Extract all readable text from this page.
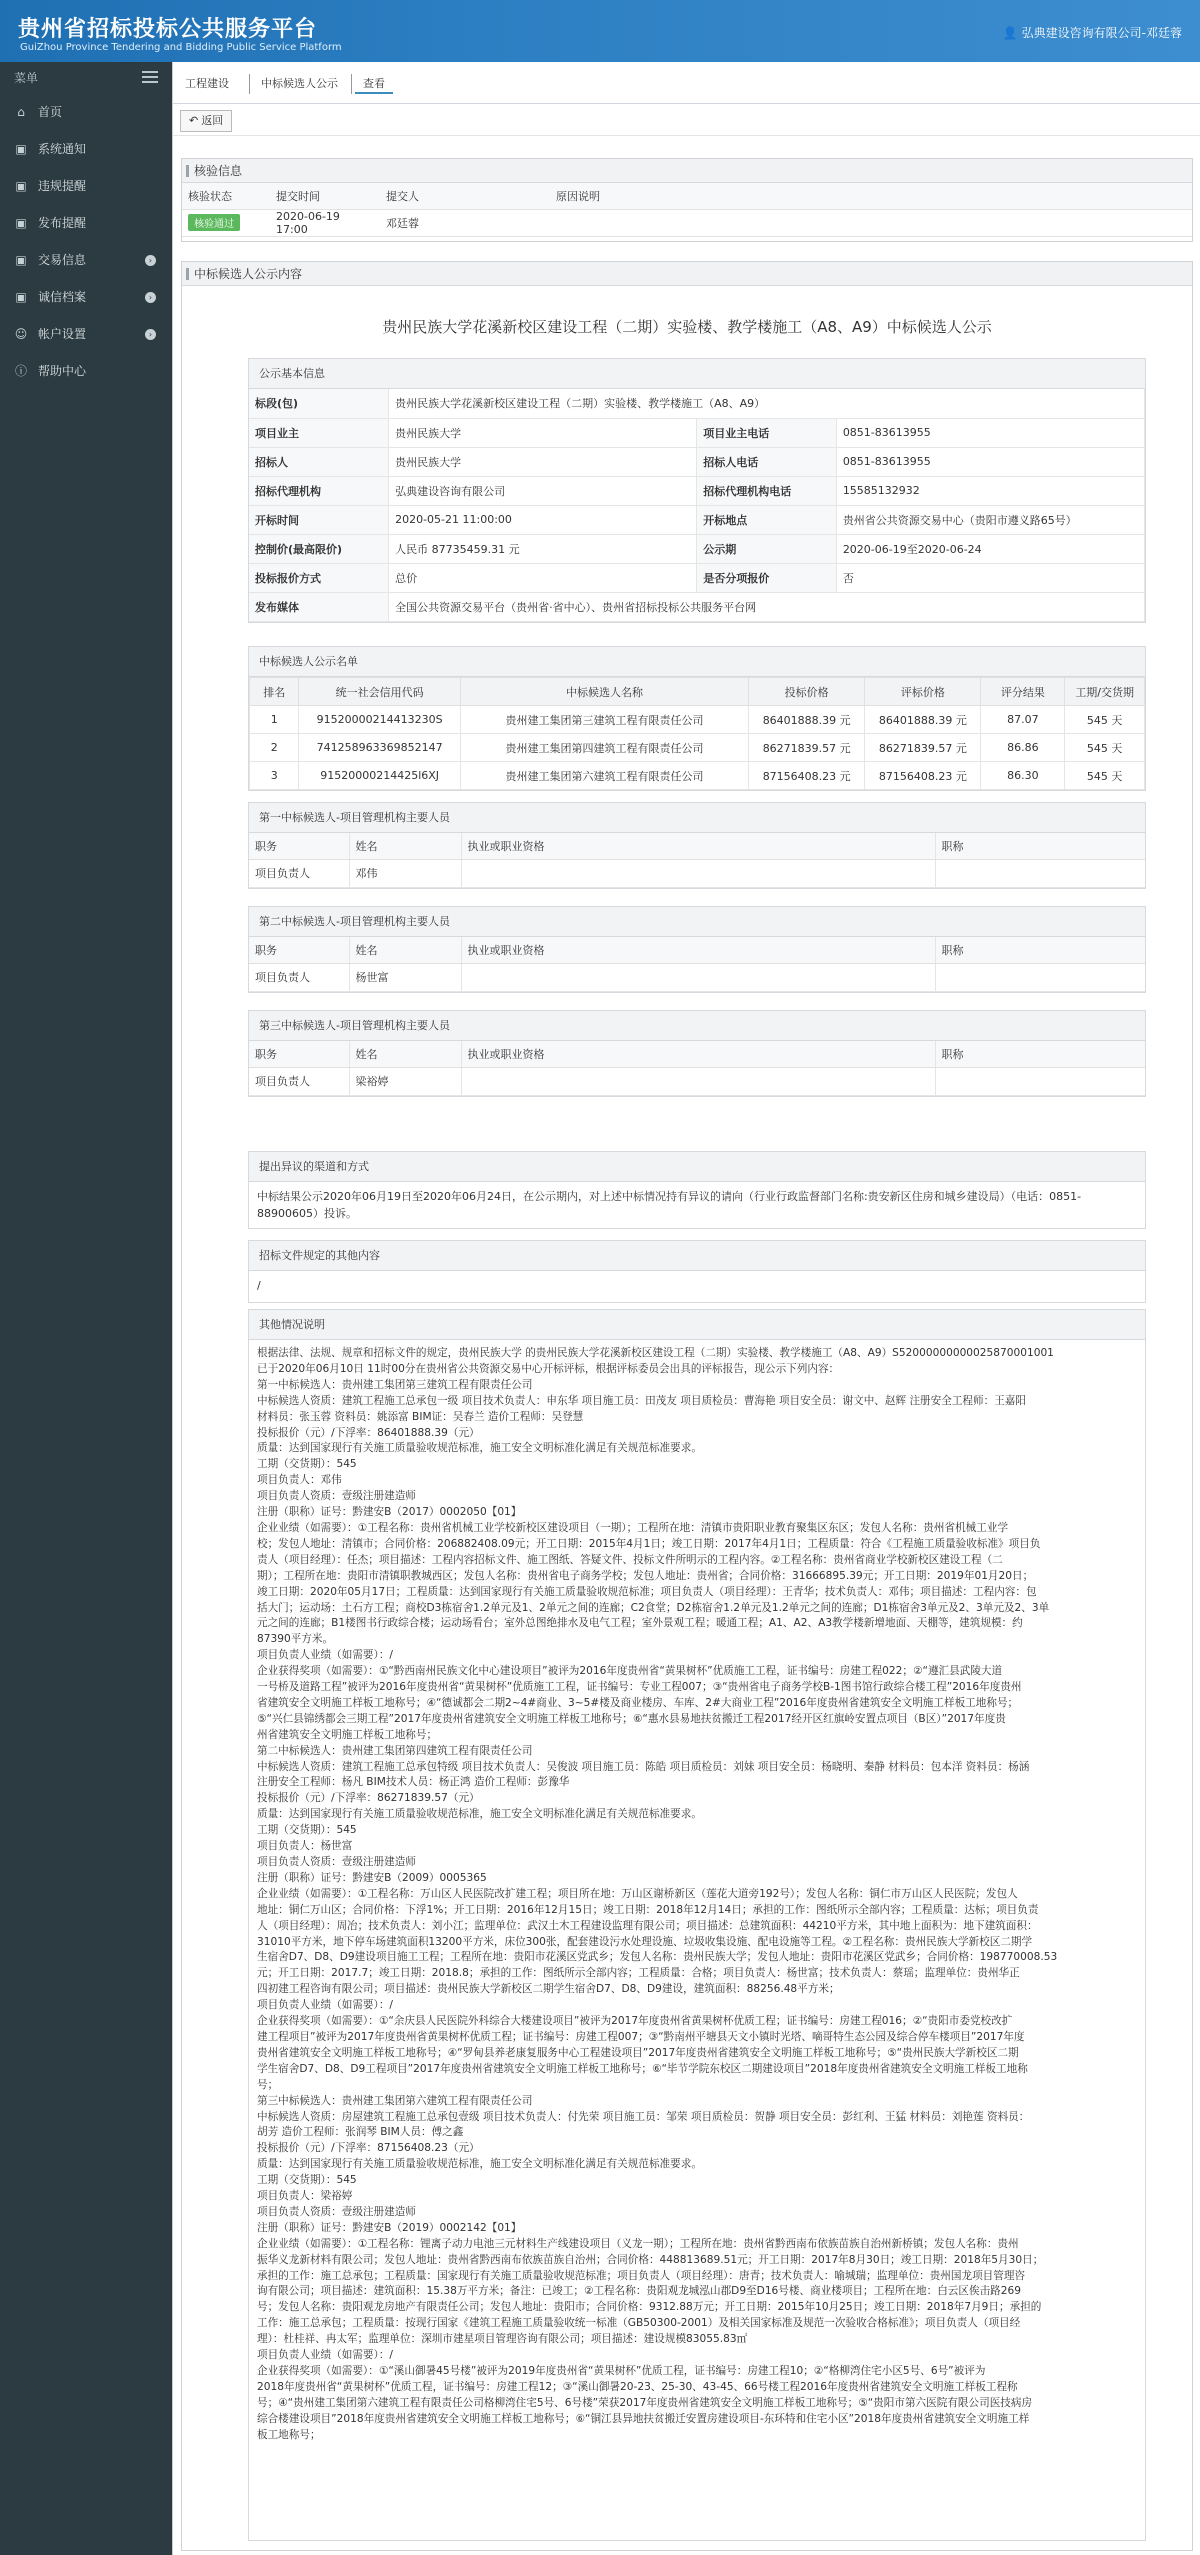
贵州省招标投标公共服务平台
GuiZhou Province Tendering and Bidding Public Service Platform
👤 弘典建设咨询有限公司-邓廷蓉
菜单
⌂ 首页
▣ 系统通知
▣ 违规提醒
▣ 发布提醒
▣ 交易信息	›
▣ 诚信档案	›
☺ 帐户设置	›
ⓘ 帮助中心
工程建设	中标候选人公示	查看
↶ 返回
核验信息
核验状态	提交时间	提交人	原因说明
核验通过	2020-06-19 17:00	邓廷蓉	
中标候选人公示内容
贵州民族大学花溪新校区建设工程（二期）实验楼、教学楼施工（A8、A9）中标候选人公示
公示基本信息
标段(包)	贵州民族大学花溪新校区建设工程（二期）实验楼、教学楼施工（A8、A9）		
项目业主	贵州民族大学	项目业主电话	0851-83613955
招标人	贵州民族大学	招标人电话	0851-83613955
招标代理机构	弘典建设咨询有限公司	招标代理机构电话	15585132932
开标时间	2020-05-21 11:00:00	开标地点	贵州省公共资源交易中心（贵阳市遵义路65号）
控制价(最高限价)	人民币 87735459.31 元	公示期	2020-06-19至2020-06-24
投标报价方式	总价	是否分项报价	否
发布媒体	全国公共资源交易平台（贵州省·省中心）、贵州省招标投标公共服务平台网		
中标候选人公示名单
排名	统一社会信用代码	中标候选人名称	投标价格	评标价格	评分结果	工期/交货期
1	91520000214413230S	贵州建工集团第三建筑工程有限责任公司	86401888.39 元	86401888.39 元	87.07	545 天
2	741258963369852147	贵州建工集团第四建筑工程有限责任公司	86271839.57 元	86271839.57 元	86.86	545 天
3	91520000214425l6XJ	贵州建工集团第六建筑工程有限责任公司	87156408.23 元	87156408.23 元	86.30	545 天
第一中标候选人-项目管理机构主要人员
职务	姓名	执业或职业资格	职称
项目负责人	邓伟		
第二中标候选人-项目管理机构主要人员
职务	姓名	执业或职业资格	职称
项目负责人	杨世富		
第三中标候选人-项目管理机构主要人员
职务	姓名	执业或职业资格	职称
项目负责人	梁裕婷		
提出异议的渠道和方式
中标结果公示2020年06月19日至2020年06月24日，在公示期内，对上述中标情况持有异议的请向（行业行政监督部门名称:贵安新区住房和城乡建设局）（电话：0851-88900605）投诉。
招标文件规定的其他内容
/
其他情况说明
根据法律、法规、规章和招标文件的规定，贵州民族大学 的贵州民族大学花溪新校区建设工程（二期）实验楼、教学楼施工（A8、A9）S52000000000025870001001
已于2020年06月10日 11时00分在贵州省公共资源交易中心开标评标，根据评标委员会出具的评标报告，现公示下列内容：
第一中标候选人：贵州建工集团第三建筑工程有限责任公司
中标候选人资质：建筑工程施工总承包一级 项目技术负责人：申东华 项目施工员：田茂友 项目质检员：曹海艳 项目安全员：谢文中、赵辉 注册安全工程师：王嘉阳
材料员：张玉蓉 资料员：姚添富 BIM证：吴春兰 造价工程师：吴登慧
投标报价（元）/下浮率：86401888.39（元）
质量：达到国家现行有关施工质量验收规范标准，施工安全文明标准化满足有关规范标准要求。
工期（交货期）：545
项目负责人：邓伟
项目负责人资质：壹级注册建造师
注册（职称）证号：黔建安B（2017）0002050【01】
企业业绩（如需要）：①工程名称：贵州省机械工业学校新校区建设项目（一期）；工程所在地：清镇市贵阳职业教育聚集区东区；发包人名称：贵州省机械工业学
校；发包人地址：清镇市；合同价格：206882408.09元；开工日期：2015年4月1日；竣工日期：2017年4月1日；工程质量：符合《工程施工质量验收标准》项目负
责人（项目经理）：任杰；项目描述：工程内容招标文件、施工图纸、答疑文件、投标文件所明示的工程内容。②工程名称：贵州省商业学校新校区建设工程（二
期）；工程所在地：贵阳市清镇职教城西区；发包人名称：贵州省电子商务学校；发包人地址：贵州省；合同价格：31666895.39元；开工日期：2019年01月20日；
竣工日期：2020年05月17日；工程质量：达到国家现行有关施工质量验收规范标准；项目负责人（项目经理）：王青华；技术负责人：邓伟；项目描述：工程内容：包
括大门；运动场：土石方工程；商校D3栋宿舍1.2单元及1、2单元之间的连廊；C2食堂；D2栋宿舍1.2单元及1.2单元之间的连廊；D1栋宿舍3单元及2、3单元及2、3单
元之间的连廊；B1楼图书行政综合楼；运动场看台；室外总图绝排水及电气工程；室外景观工程；暖通工程；A1、A2、A3教学楼新增地面、天棚等，建筑规模：约
87390平方米。
项目负责人业绩（如需要）：/
企业获得奖项（如需要）：①“黔西南州民族文化中心建设项目”被评为2016年度贵州省“黄果树杯”优质施工工程，证书编号：房建工程022；②“遵汇县武陵大道
一号桥及道路工程”被评为2016年度贵州省“黄果树杯”优质施工工程，证书编号：专业工程007；③“贵州省电子商务学校B-1图书馆行政综合楼工程”2016年度贵州
省建筑安全文明施工样板工地称号；④“德诚都会二期2~4#商业、3~5#楼及商业楼房、车库、2#大商业工程”2016年度贵州省建筑安全文明施工样板工地称号；
⑤“兴仁县锦绣都会三期工程”2017年度贵州省建筑安全文明施工样板工地称号；⑥“惠水县易地扶贫搬迁工程2017经开区红旗岭安置点项目（B区）”2017年度贵
州省建筑安全文明施工样板工地称号；
第二中标候选人：贵州建工集团第四建筑工程有限责任公司
中标候选人资质：建筑工程施工总承包特级 项目技术负责人：吴俊波 项目施工员：陈皓 项目质检员：刘妹 项目安全员：杨晓明、秦静 材料员：包本洋 资料员：杨涵
注册安全工程师：杨凡 BIM技术人员：杨正鸿 造价工程师：彭豫华
投标报价（元）/下浮率：86271839.57（元）
质量：达到国家现行有关施工质量验收规范标准，施工安全文明标准化满足有关规范标准要求。
工期（交货期）：545
项目负责人：杨世富
项目负责人资质：壹级注册建造师
注册（职称）证号：黔建安B（2009）0005365
企业业绩（如需要）：①工程名称：万山区人民医院改扩建工程；项目所在地：万山区谢桥新区（莲花大道旁192号）；发包人名称：铜仁市万山区人民医院；发包人
地址：铜仁万山区；合同价格：下浮1%；开工日期：2016年12月15日；竣工日期：2018年12月14日；承担的工作：图纸所示全部内容；工程质量：达标；项目负责
人（项目经理）：周冶；技术负责人：刘小江；监理单位：武汉土木工程建设监理有限公司；项目描述：总建筑面积：44210平方米，其中地上面积为：地下建筑面积：
31010平方米，地下停车场建筑面积13200平方米，床位300张，配套建设污水处理设施、垃圾收集设施、配电设施等工程。②工程名称：贵州民族大学新校区二期学
生宿舍D7、D8、D9建设项目施工工程；工程所在地：贵阳市花溪区党武乡；发包人名称：贵州民族大学；发包人地址：贵阳市花溪区党武乡；合同价格：198770008.53
元；开工日期：2017.7；竣工日期：2018.8；承担的工作：图纸所示全部内容；工程质量：合格；项目负责人：杨世富；技术负责人：蔡瑶；监理单位：贵州华正
四初建工程咨询有限公司；项目描述：贵州民族大学新校区二期学生宿舍D7、D8、D9建设，建筑面积：88256.48平方米；
项目负责人业绩（如需要）：/
企业获得奖项（如需要）：①“余庆县人民医院外科综合大楼建设项目”被评为2017年度贵州省黄果树杯优质工程；证书编号：房建工程016；②“贵阳市委党校改扩
建工程项目”被评为2017年度贵州省黄果树杯优质工程；证书编号：房建工程007；③“黔南州平塘县天文小镇时光塔、嘀哥特生态公园及综合停车楼项目”2017年度
贵州省建筑安全文明施工样板工地称号；④“罗甸县养老康复服务中心工程建设项目”2017年度贵州省建筑安全文明施工样板工地称号；⑤“贵州民族大学新校区二期
学生宿舍D7、D8、D9工程项目”2017年度贵州省建筑安全文明施工样板工地称号；⑥“毕节学院东校区二期建设项目”2018年度贵州省建筑安全文明施工样板工地称
号；
第三中标候选人：贵州建工集团第六建筑工程有限责任公司
中标候选人资质：房屋建筑工程施工总承包壹级 项目技术负责人：付先荣 项目施工员：邹荣 项目质检员：贺静 项目安全员：彭红利、王猛 材料员：刘艳莲 资料员：
胡芳 造价工程师：张润琴 BIM人员：傅之鑫
投标报价（元）/下浮率：87156408.23（元）
质量：达到国家现行有关施工质量验收规范标准，施工安全文明标准化满足有关规范标准要求。
工期（交货期）：545
项目负责人：梁裕婷
项目负责人资质：壹级注册建造师
注册（职称）证号：黔建安B（2019）0002142【01】
企业业绩（如需要）：①工程名称：锂离子动力电池三元材料生产线建设项目（义龙一期）；工程所在地：贵州省黔西南布依族苗族自治州新桥镇；发包人名称：贵州
振华义龙新材料有限公司；发包人地址：贵州省黔西南布依族苗族自治州；合同价格：448813689.51元；开工日期：2017年8月30日；竣工日期：2018年5月30日；
承担的工作：施工总承包；工程质量：国家现行有关施工质量验收规范标准；项目负责人（项目经理）：唐青；技术负责人：喻城瑞；监理单位：贵州国龙项目管理咨
询有限公司；项目描述：建筑面积：15.38万平方米；备注：已竣工；②工程名称：贵阳观龙城泓山郡D9至D16号楼、商业楼项目；工程所在地：白云区俟击路269
号；发包人名称：贵阳观龙房地产有限责任公司；发包人地址：贵阳市；合同价格：9312.88万元；开工日期：2015年10月25日；竣工日期：2018年7月9日；承担的
工作：施工总承包；工程质量：按现行国家《建筑工程施工质量验收统一标准（GB50300-2001）及相关国家标准及规范一次验收合格标准》；项目负责人（项目经
理）：杜桂祥、冉太军；监理单位：深圳市建星项目管理咨询有限公司；项目描述：建设规模83055.83㎡
项目负责人业绩（如需要）：/
企业获得奖项（如需要）：①“溪山御暑45号楼”被评为2019年度贵州省“黄果树杯”优质工程，证书编号：房建工程10；②“格柳湾住宅小区5号、6号”被评为
2018年度贵州省“黄果树杯”优质工程，证书编号：房建工程12；③“溪山御暑20-23、25-30、43-45、66号楼工程2016年度贵州省建筑安全文明施工样板工程称
号；④“贵州建工集团第六建筑工程有限责任公司格柳湾住宅5号、6号楼”荣获2017年度贵州省建筑安全文明施工样板工地称号；⑤“贵阳市第六医院有限公司医技病房
综合楼建设项目”2018年度贵州省建筑安全文明施工样板工地称号；⑥“铜江县异地扶贫搬迁安置房建设项目-东环特和住宅小区”2018年度贵州省建筑安全文明施工样
板工地称号；
